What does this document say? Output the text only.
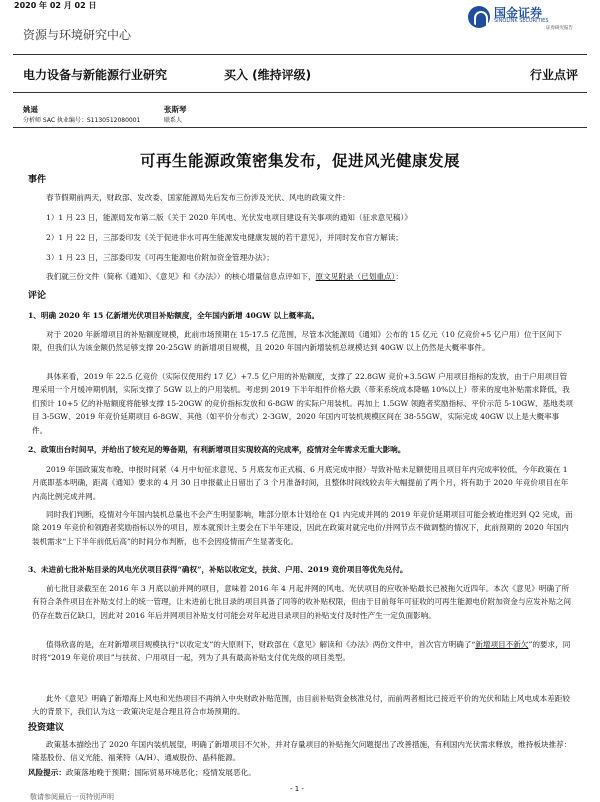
2020 年 02 月 02 日
资源与环境研究中心
国金证券
SINOLINK SECURITIES
证券研究报告
电力设备与新能源行业研究	买入 (维持评级)	行业点评
姚遥
分析师 SAC 执业编号：S1130512080001
张斯琴
联系人
可再生能源政策密集发布，促进风光健康发展
事件
春节假期前两天，财政部、发改委、国家能源局先后发布三份涉及光伏、风电的政策文件：
1）1 月 23 日，能源局发布第二版《关于 2020 年风电、光伏发电项目建设有关事项的通知（征求意见稿）》
2）1 月 22 日，三部委印发《关于促进非水可再生能源发电健康发展的若干意见》，并同时发布官方解读；
3）1 月 23 日，三部委印发《可再生能源电价附加资金管理办法》；
我们就三份文件（简称《通知》、《意见》和《办法》）的核心增量信息点评如下，原文见附录（已划重点）：
评论
1、明确 2020 年 15 亿新增光伏项目补贴额度，全年国内新增 40GW 以上概率高。
对于 2020 年新增项目的补贴额度规模，此前市场预期在 15-17.5 亿范围，尽管本次能源局《通知》公布的 15 亿元（10 亿竞价+5 亿户用）位于区间下限，但我们认为该金额仍然足够支撑 20-25GW 的新增项目规模，且 2020 年国内新增装机总规模达到 40GW 以上仍然是大概率事件。
具体来看，2019 年 22.5 亿竞价（实际仅使用约 17 亿）+7.5 亿户用的补贴额度，支撑了 22.8GW 竞价+3.5GW 户用项目指标的发放，由于户用项目管理采用一个月缓冲期机制，实际支撑了 5GW 以上的户用装机。考虑到 2019 下半年组件价格大跌（带来系统成本降幅 10%以上）带来的度电补贴需求降低，我们预计 10+5 亿的补贴额度将能够支撑 15-20GW 的竞价指标发放和 6-8GW 的实际户用装机。再加上 1.5GW 领跑者奖励指标、平价示范 5-10GW、基地类项目 3-5GW、2019 年竞价延期项目 6-8GW、其他（如平价分布式）2-3GW，2020 年国内可装机规模区间在 38-55GW，实际完成 40GW 以上是大概率事件。
2、政策出台时间早，并给出了较充足的筹备期，有利新增项目实现较高的完成率，疫情对全年需求无重大影响。
2019 年国政策发布晚、申报时间紧（4 月中旬征求意见、5 月底发布正式稿、6 月底完成申报）导致补贴未足额使用且项目年内完成率较低，今年政策在 1 月底即基本明确，距离《通知》要求的 4 月 30 日申报截止日留出了 3 个月准备时间，且整体时间线较去年大幅提前了两个月，将有助于 2020 年竞价项目在年内高比例完成并网。
同时我们判断，疫情对今年国内装机总量也不会产生明显影响，唯部分原本计划给在 Q1 内完成并网的 2019 年竞价延期项目可能会被迫推迟到 Q2 完成，而除 2019 年竞价和领跑者奖励指标以外的项目，原本就预计主要会在下半年建设，因此在政策对就完电价/并网节点不做调整的情况下，此前预期的 2020 年国内装机需求“上下半年前低后高”的时间分布判断，也不会因疫情而产生显著变化。
3、未进前七批补贴目录的风电光伏项目获得“确权”，补贴以收定支，扶贫、户用、2019 竞价项目等优先兑付。
前七批目录截至在 2016 年 3 月底以前并网的项目，意味着 2016 年 4 月起并网的风电、光伏项目的应收补贴最长已被拖欠近四年。本次《意见》明确了所有符合条件项目在补贴支付上的统一管理，让未进前七批目录的项目具备了同等的收补贴权限，但由于目前每年可征收的可再生能源电价附加资金与应发补贴之间仍存在数百亿缺口，因此对 2016 年后并网项目补贴支付可能会对年起进目录项目的补贴支付及时性产生一定负面影响。
值得欣喜的是，在对新增项目规模执行“以收定支”的大原则下，财政部在《意见》解读和《办法》两份文件中，首次官方明确了“新增项目不新欠”的要求，同时将“2019 年竞价项目”与扶贫、户用项目一起，列为了具有最高补贴支付优先级的项目类型。
此外《意见》明确了新增海上风电和光热项目不再纳入中央财政补贴范围，由目前补贴资金核准兑付，而前两者相比已接近平价的光伏和陆上风电成本差距较大的背景下，我们认为这一政策决定是合理且符合市场预期的。
投资建议
政策基本描绘出了 2020 年国内装机展望，明确了新增项目不欠补，并对存量项目的补贴拖欠问题提出了改善措施，有利国内光伏需求释放，维持板块推荐：隆基股份、信义光能、福莱特（A/H）、通威股份、晶科能源。
风险提示：政策落地晚于预期；国际贸易环境恶化；疫情发展恶化。
- 1 -
敬请参阅最后一页特别声明
